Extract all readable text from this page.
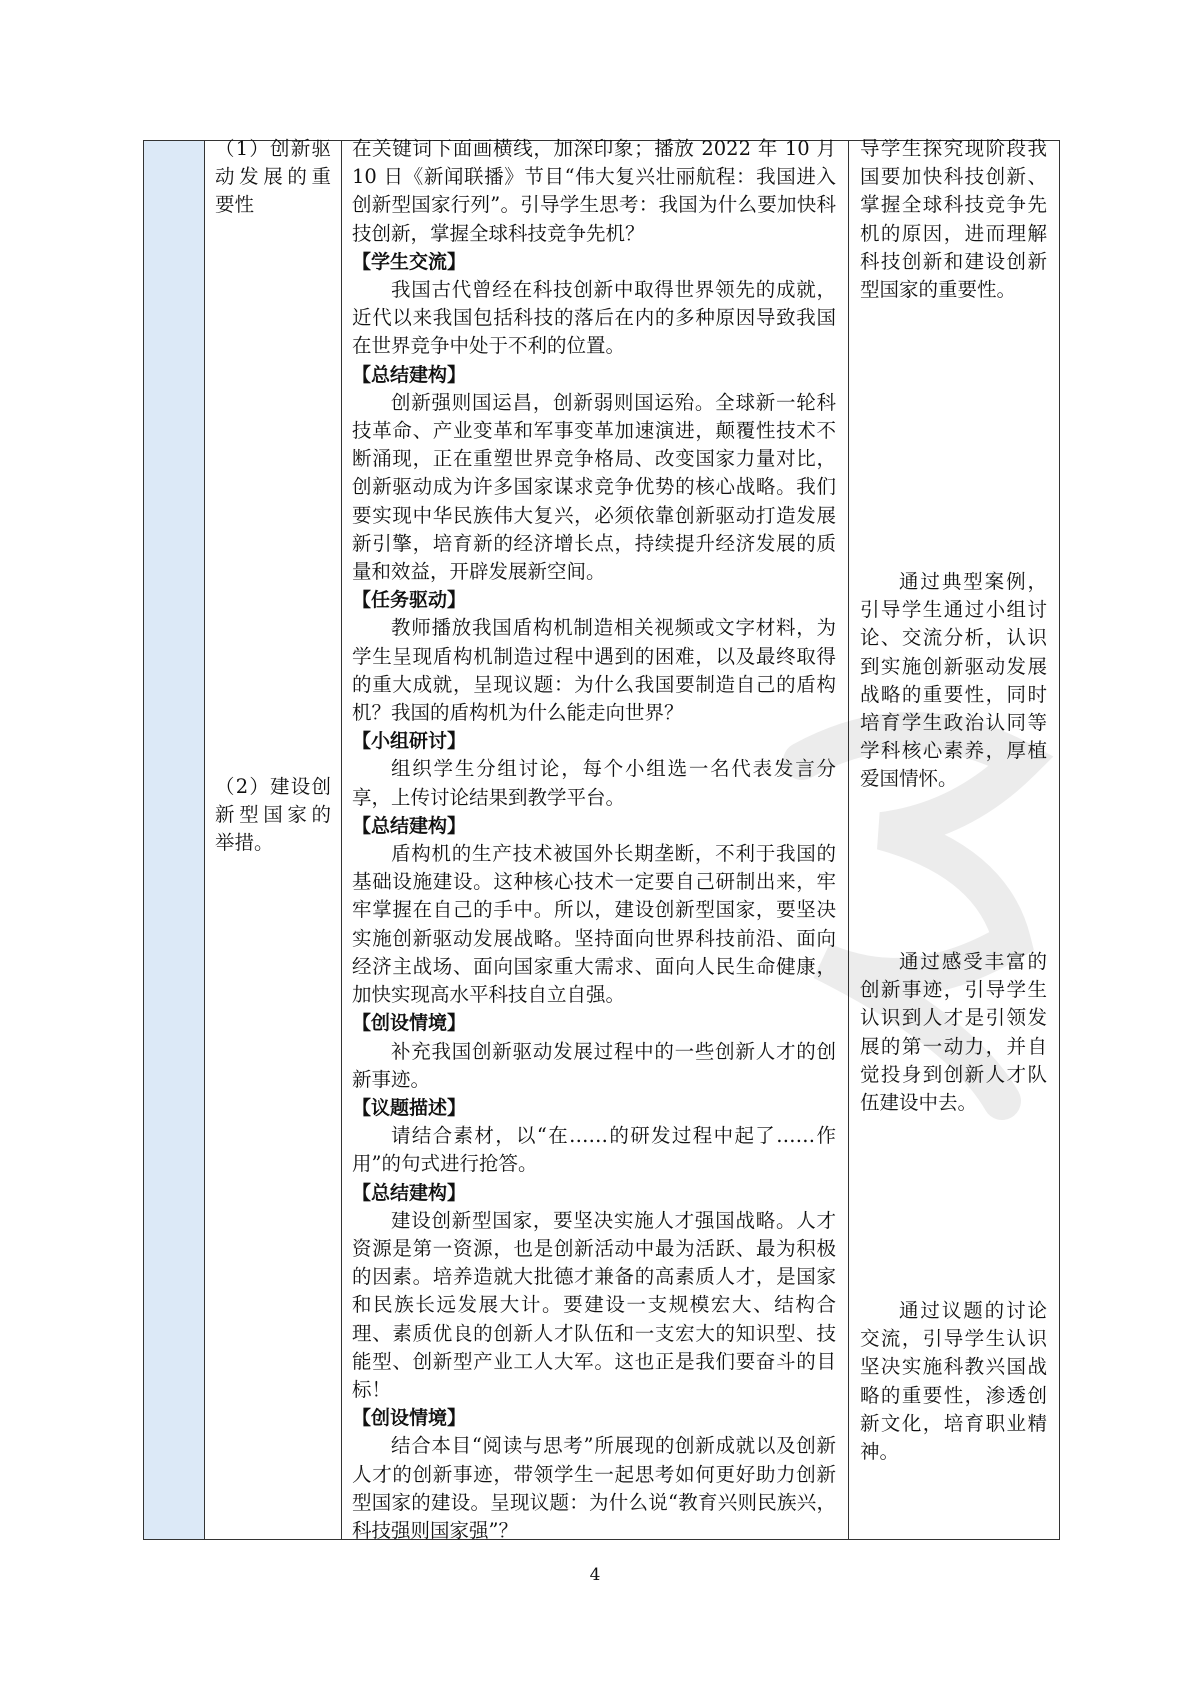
（1）创新驱动发展的重要性
（2）建设创新型国家的举措。

在关键词下面画横线，加深印象；播放 2022 年 10 月 10 日《新闻联播》节目“伟大复兴壮丽航程：我国进入创新型国家行列”。引导学生思考：我国为什么要加快科技创新，掌握全球科技竞争先机？

【学生交流】

我国古代曾经在科技创新中取得世界领先的成就，近代以来我国包括科技的落后在内的多种原因导致我国在世界竞争中处于不利的位置。

【总结建构】

创新强则国运昌，创新弱则国运殆。全球新一轮科技革命、产业变革和军事变革加速演进，颠覆性技术不断涌现，正在重塑世界竞争格局、改变国家力量对比，创新驱动成为许多国家谋求竞争优势的核心战略。我们要实现中华民族伟大复兴，必须依靠创新驱动打造发展新引擎，培育新的经济增长点，持续提升经济发展的质量和效益，开辟发展新空间。

【任务驱动】

教师播放我国盾构机制造相关视频或文字材料，为学生呈现盾构机制造过程中遇到的困难，以及最终取得的重大成就，呈现议题：为什么我国要制造自己的盾构机？我国的盾构机为什么能走向世界？

【小组研讨】

组织学生分组讨论，每个小组选一名代表发言分享，上传讨论结果到教学平台。

【总结建构】

盾构机的生产技术被国外长期垄断，不利于我国的基础设施建设。这种核心技术一定要自己研制出来，牢牢掌握在自己的手中。所以，建设创新型国家，要坚决实施创新驱动发展战略。坚持面向世界科技前沿、面向经济主战场、面向国家重大需求、面向人民生命健康，加快实现高水平科技自立自强。

【创设情境】

补充我国创新驱动发展过程中的一些创新人才的创新事迹。

【议题描述】

请结合素材，以“在……的研发过程中起了……作用”的句式进行抢答。

【总结建构】

建设创新型国家，要坚决实施人才强国战略。人才资源是第一资源，也是创新活动中最为活跃、最为积极的因素。培养造就大批德才兼备的高素质人才，是国家和民族长远发展大计。要建设一支规模宏大、结构合理、素质优良的创新人才队伍和一支宏大的知识型、技能型、创新型产业工人大军。这也正是我们要奋斗的目标！

【创设情境】

结合本目“阅读与思考”所展现的创新成就以及创新人才的创新事迹，带领学生一起思考如何更好助力创新型国家的建设。呈现议题：为什么说“教育兴则民族兴，科技强则国家强”？

导学生探究现阶段我国要加快科技创新、掌握全球科技竞争先机的原因，进而理解科技创新和建设创新型国家的重要性。
通过典型案例，引导学生通过小组讨论、交流分析，认识到实施创新驱动发展战略的重要性，同时培育学生政治认同等学科核心素养，厚植爱国情怀。
通过感受丰富的创新事迹，引导学生认识到人才是引领发展的第一动力，并自觉投身到创新人才队伍建设中去。
通过议题的讨论交流，引导学生认识坚决实施科教兴国战略的重要性，渗透创新文化，培育职业精神。
4
